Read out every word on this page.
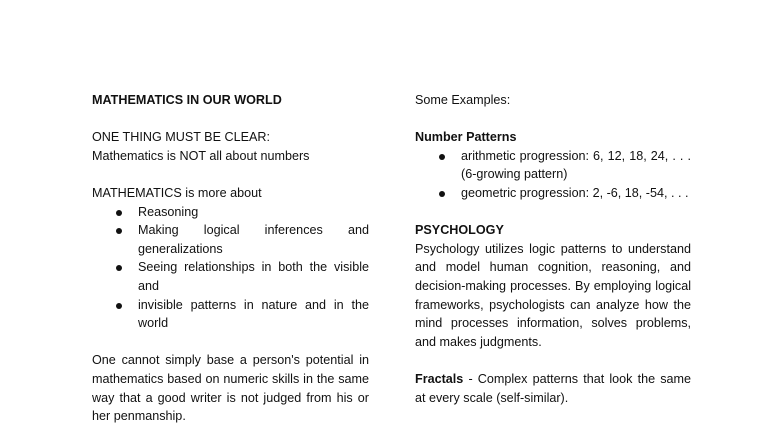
MATHEMATICS IN OUR WORLD
ONE THING MUST BE CLEAR:
Mathematics is NOT all about numbers
MATHEMATICS is more about
Reasoning
Making logical inferences and generalizations
Seeing relationships in both the visible and
invisible patterns in nature and in the world
One cannot simply base a person's potential in mathematics based on numeric skills in the same way that a good writer is not judged from his or her penmanship.
Some Examples:
Number Patterns
arithmetic progression: 6, 12, 18, 24, . . . (6-growing pattern)
geometric progression: 2, -6, 18, -54, . . .
PSYCHOLOGY
Psychology utilizes logic patterns to understand and model human cognition, reasoning, and decision-making processes. By employing logical frameworks, psychologists can analyze how the mind processes information, solves problems, and makes judgments.
Fractals - Complex patterns that look the same at every scale (self-similar).
